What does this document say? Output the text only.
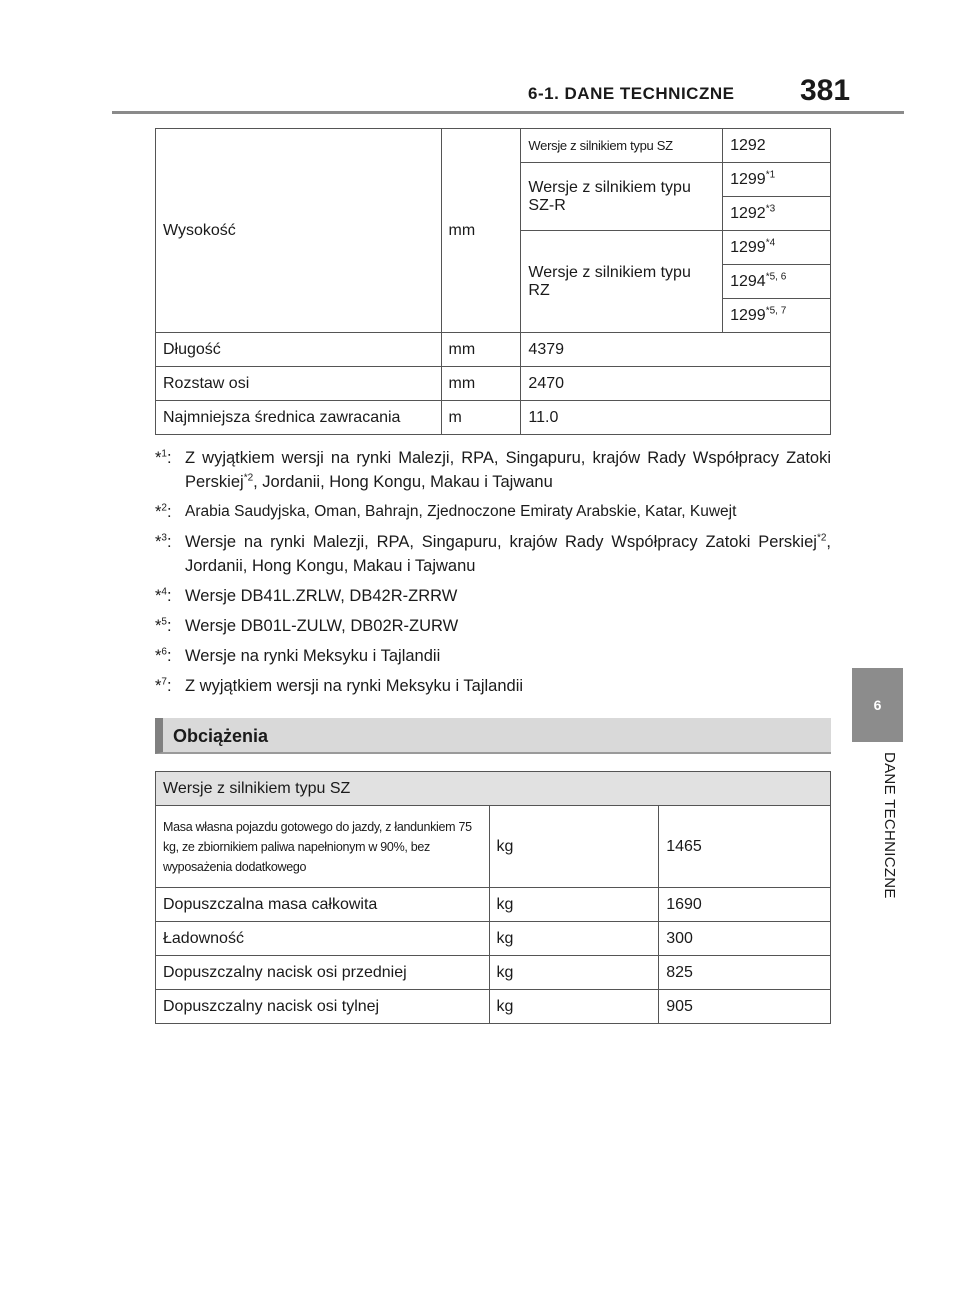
6-1. DANE TECHNICZNE 381
6
DANE TECHNICZNE
Wysokość	mm	Wersje z silnikiem typu SZ	1292
		Wersje z silnikiem typu SZ-R	1299$^{*1}$
			1292$^{*3}$
		Wersje z silnikiem typu RZ	1299$^{*4}$
			1294$^{*5, 6}$
			1299$^{*5, 7}$

Długość	mm	4379	
Rozstaw osi	mm	2470	
Najmniejsza średnica zawracania	m	11.0	
*$^1$: Z wyjątkiem wersji na rynki Malezji, RPA, Singapuru, krajów Rady Współpracy Zatoki Perskiej$^{*2}$, Jordanii, Hong Kongu, Makau i Tajwanu
*$^2$: Arabia Saudyjska, Oman, Bahrajn, Zjednoczone Emiraty Arabskie, Katar, Kuwejt
*$^3$: Wersje na rynki Malezji, RPA, Singapuru, krajów Rady Współpracy Zatoki Perskiej$^{*2}$, Jordanii, Hong Kongu, Makau i Tajwanu
*$^4$: Wersje DB41L.ZRLW, DB42R-ZRRW
*$^5$: Wersje DB01L-ZULW, DB02R-ZURW
*$^6$: Wersje na rynki Meksyku i Tajlandii
*$^7$: Z wyjątkiem wersji na rynki Meksyku i Tajlandii
Obciążenia
Wersje z silnikiem typu SZ		
Masa własna pojazdu gotowego do jazdy, z łandunkiem 75 kg, ze zbiornikiem paliwa napełnionym w 90%, bez wyposażenia dodatkowego	kg	1465
Dopuszczalna masa całkowita	kg	1690
Ładowność	kg	300
Dopuszczalny nacisk osi przedniej	kg	825
Dopuszczalny nacisk osi tylnej	kg	905
